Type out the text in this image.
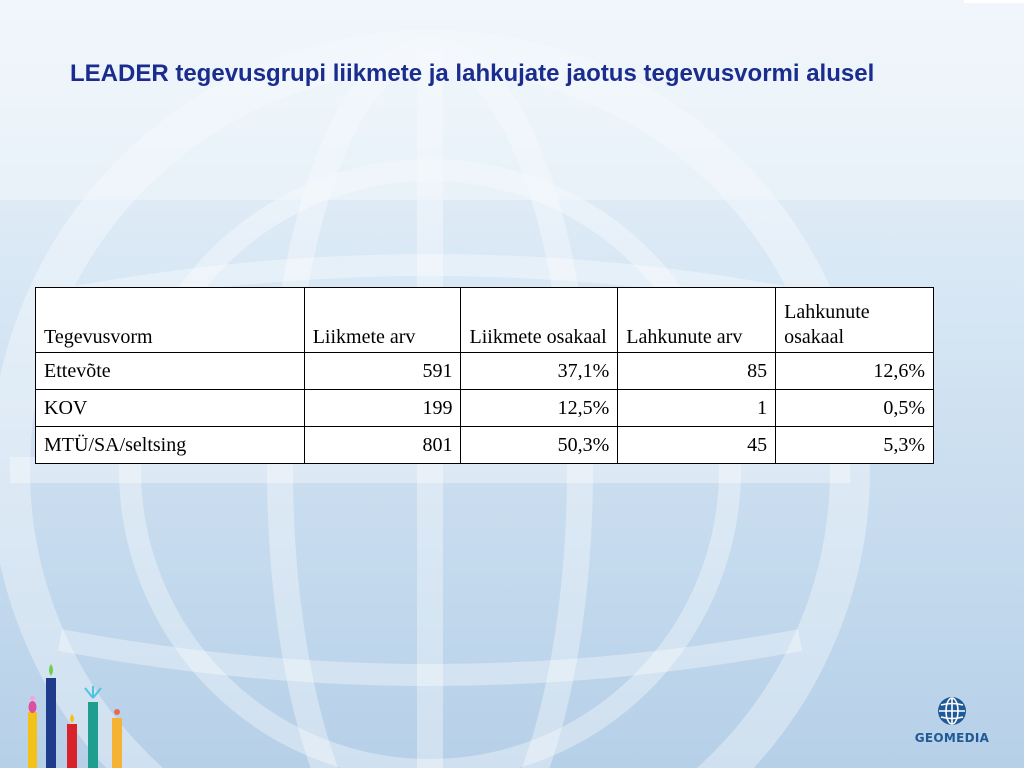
LEADER tegevusgrupi liikmete ja lahkujate jaotus tegevusvormi alusel
Tegevusvorm	Liikmete arv	Liikmete osakaal	Lahkunute arv	Lahkunute osakaal
Ettevõte	591	37,1%	85	12,6%
KOV	199	12,5%	1	0,5%
MTÜ/SA/seltsing	801	50,3%	45	5,3%
GEOMEDIA
